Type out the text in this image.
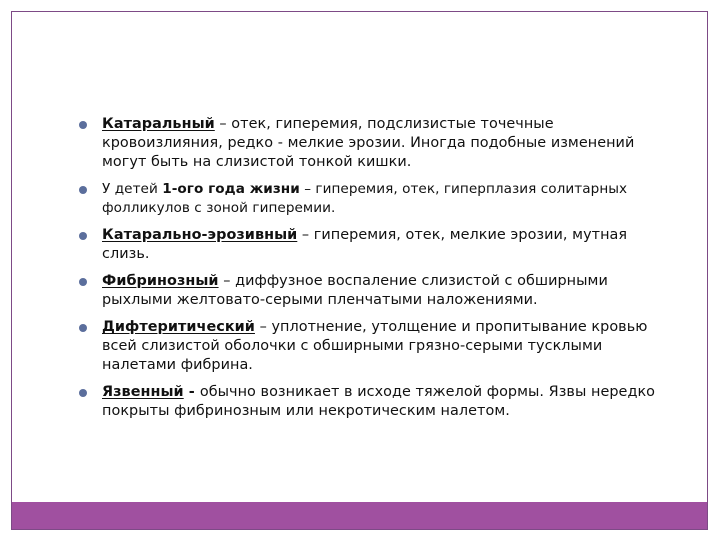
Катаральный – отек, гиперемия, подслизистые точечные кровоизлияния, редко - мелкие эрозии. Иногда подобные изменений могут быть на слизистой тонкой кишки.
У детей 1-ого года жизни – гиперемия, отек, гиперплазия солитарных фолликулов с зоной гиперемии.
Катарально-эрозивный – гиперемия, отек, мелкие эрозии, мутная слизь.
Фибринозный – диффузное воспаление слизистой с обширными рыхлыми желтовато-серыми пленчатыми наложениями.
Дифтеритический – уплотнение, утолщение и пропитывание кровью всей слизистой оболочки с обширными грязно-серыми тусклыми налетами фибрина.
Язвенный - обычно возникает в исходе тяжелой формы. Язвы нередко покрыты фибринозным или некротическим налетом.
